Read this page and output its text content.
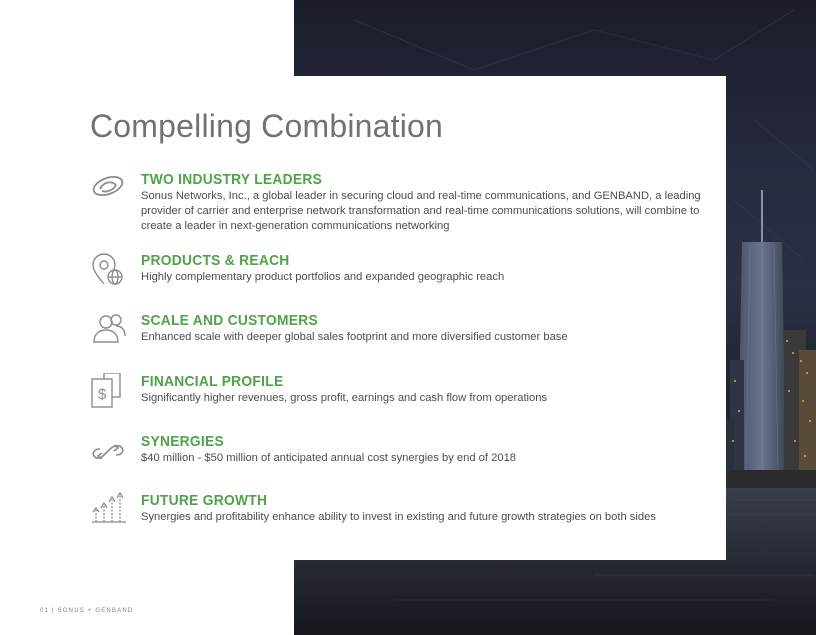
Compelling Combination
TWO INDUSTRY LEADERS
Sonus Networks, Inc., a global leader in securing cloud and real-time communications, and GENBAND, a leading provider of carrier and enterprise network transformation and real-time communications solutions, will combine to create a leader in next-generation communications networking
PRODUCTS & REACH
Highly complementary product portfolios and expanded geographic reach
SCALE AND CUSTOMERS
Enhanced scale with deeper global sales footprint and more diversified customer base
$
FINANCIAL PROFILE
Significantly higher revenues, gross profit, earnings and cash flow from operations
SYNERGIES
$40 million - $50 million of anticipated annual cost synergies by end of 2018
FUTURE GROWTH
Synergies and profitability enhance ability to invest in existing and future growth strategies on both sides
01 | SONUS + GENBAND
